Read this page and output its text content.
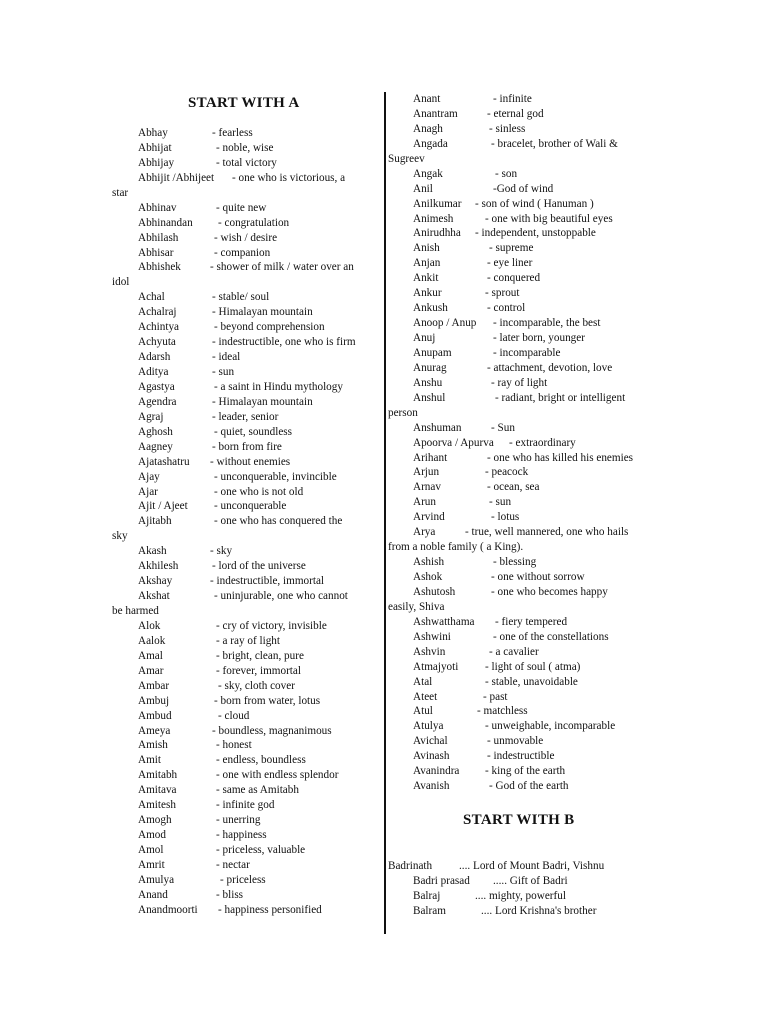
START WITH A
Abhay	- fearless
Abhijat	- noble, wise
Abhijay	- total victory
Abhijit /Abhijeet - one who is victorious, a
star
Abhinav	- quite new
Abhinandan - congratulation
Abhilash	- wish / desire
Abhisar	- companion
Abhishek	- shower of milk / water over an
idol
Achal	- stable/ soul
Achalraj	- Himalayan mountain
Achintya	- beyond comprehension
Achyuta	- indestructible, one who is firm
Adarsh	- ideal
Aditya	- sun
Agastya	- a saint in Hindu mythology
Agendra	- Himalayan mountain
Agraj	- leader, senior
Aghosh	- quiet, soundless
Aagney	- born from fire
Ajatashatru - without enemies
Ajay	- unconquerable, invincible
Ajar	- one who is not old
Ajit / Ajeet - unconquerable
Ajitabh	- one who has conquered the
sky
Akash	- sky
Akhilesh	- lord of the universe
Akshay	- indestructible, immortal
Akshat	- uninjurable, one who cannot
be harmed
Alok	- cry of victory, invisible
Aalok	- a ray of light
Amal	- bright, clean, pure
Amar	- forever, immortal
Ambar	- sky, cloth cover
Ambuj	- born from water, lotus
Ambud	- cloud
Ameya	- boundless, magnanimous
Amish	- honest
Amit	- endless, boundless
Amitabh	- one with endless splendor
Amitava	- same as Amitabh
Amitesh	- infinite god
Amogh	- unerring
Amod	- happiness
Amol	- priceless, valuable
Amrit	- nectar
Amulya	- priceless
Anand	- bliss
Anandmoorti - happiness personified
Anant	- infinite
Anantram	- eternal god
Anagh	- sinless
Angada	- bracelet, brother of Wali &
Sugreev
Angak	- son
Anil	-God of wind
Anilkumar - son of wind ( Hanuman )
Animesh	- one with big beautiful eyes
Anirudhha - independent, unstoppable
Anish	- supreme
Anjan	- eye liner
Ankit	- conquered
Ankur	- sprout
Ankush	- control
Anoop / Anup - incomparable, the best
Anuj	- later born, younger
Anupam	- incomparable
Anurag	- attachment, devotion, love
Anshu	- ray of light
Anshul	- radiant, bright or intelligent
person
Anshuman	- Sun
Apoorva / Apurva - extraordinary
Arihant	- one who has killed his enemies
Arjun	- peacock
Arnav	- ocean, sea
Arun	- sun
Arvind	- lotus
Arya	- true, well mannered, one who hails
from a noble family ( a King).
Ashish	- blessing
Ashok	- one without sorrow
Ashutosh	- one who becomes happy
easily, Shiva
Ashwatthama - fiery tempered
Ashwini	- one of the constellations
Ashvin	- a cavalier
Atmajyoti - light of soul ( atma)
Atal	- stable, unavoidable
Ateet	- past
Atul	- matchless
Atulya	- unweighable, incomparable
Avichal	- unmovable
Avinash	- indestructible
Avanindra - king of the earth
Avanish	- God of the earth
START WITH B
Badrinath .... Lord of Mount Badri, Vishnu
Badri prasad ..... Gift of Badri
Balraj	.... mighty, powerful
Balram	.... Lord Krishna's brother
